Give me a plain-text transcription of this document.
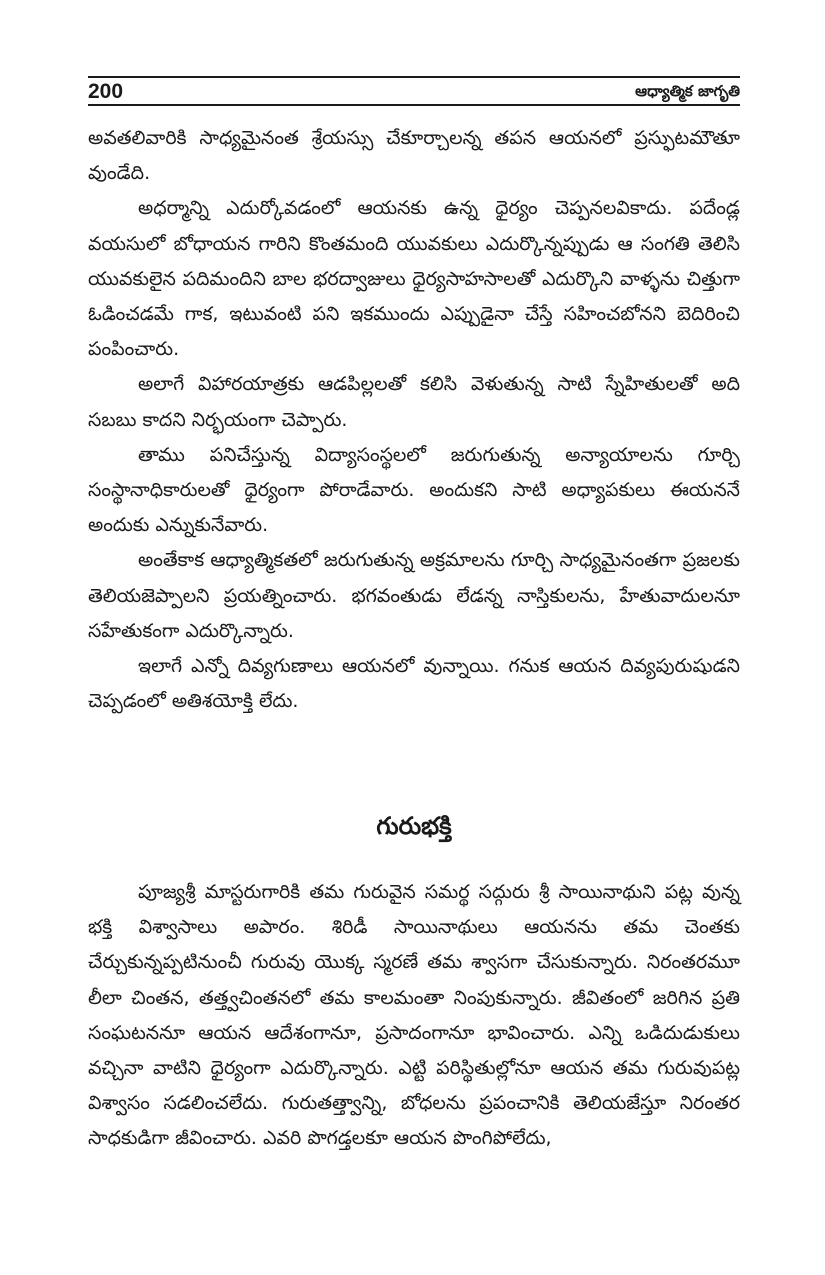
200	ఆధ్యాత్మిక జాగృతి

అవతలివారికి సాధ్యమైనంత శ్రేయస్సు చేకూర్చాలన్న తపన ఆయనలో ప్రస్ఫుటమౌతూ వుండేది.

అధర్మాన్ని ఎదుర్కోవడంలో ఆయనకు ఉన్న ధైర్యం చెప్పనలవికాదు. పదేండ్ల వయసులో బోధాయన గారిని కొంతమంది యువకులు ఎదుర్కొన్నప్పుడు ఆ సంగతి తెలిసి యువకులైన పదిమందిని బాల భరద్వాజులు ధైర్యసాహసాలతో ఎదుర్కొని వాళ్ళను చిత్తుగా ఓడించడమే గాక, ఇటువంటి పని ఇకముందు ఎప్పుడైనా చేస్తే సహించబోనని బెదిరించి పంపించారు.

అలాగే విహారయాత్రకు ఆడపిల్లలతో కలిసి వెళుతున్న సాటి స్నేహితులతో అది సబబు కాదని నిర్భయంగా చెప్పారు.

తాము పనిచేస్తున్న విద్యాసంస్థలలో జరుగుతున్న అన్యాయాలను గూర్చి సంస్థానాధికారులతో ధైర్యంగా పోరాడేవారు. అందుకని సాటి అధ్యాపకులు ఈయననే అందుకు ఎన్నుకునేవారు.

అంతేకాక ఆధ్యాత్మికతలో జరుగుతున్న అక్రమాలను గూర్చి సాధ్యమైనంతగా ప్రజలకు తెలియజెప్పాలని ప్రయత్నించారు. భగవంతుడు లేడన్న నాస్తికులను, హేతువాదులనూ సహేతుకంగా ఎదుర్కొన్నారు.

ఇలాగే ఎన్నో దివ్యగుణాలు ఆయనలో వున్నాయి. గనుక ఆయన దివ్యపురుషుడని చెప్పడంలో అతిశయోక్తి లేదు.

గురుభక్తి

పూజ్యశ్రీ మాస్టరుగారికి తమ గురువైన సమర్థ సద్గురు శ్రీ సాయినాథుని పట్ల వున్న భక్తి విశ్వాసాలు అపారం. శిరిడీ సాయినాథులు ఆయనను తమ చెంతకు చేర్చుకున్నప్పటినుంచీ గురువు యొక్క స్మరణే తమ శ్వాసగా చేసుకున్నారు. నిరంతరమూ లీలా చింతన, తత్త్వచింతనలో తమ కాలమంతా నింపుకున్నారు. జీవితంలో జరిగిన ప్రతి సంఘటననూ ఆయన ఆదేశంగానూ, ప్రసాదంగానూ భావించారు. ఎన్ని ఒడిదుడుకులు వచ్చినా వాటిని ధైర్యంగా ఎదుర్కొన్నారు. ఎట్టి పరిస్థితుల్లోనూ ఆయన తమ గురువుపట్ల విశ్వాసం సడలించలేదు. గురుతత్త్వాన్ని, బోధలను ప్రపంచానికి తెలియజేస్తూ నిరంతర సాధకుడిగా జీవించారు. ఎవరి పొగడ్తలకూ ఆయన పొంగిపోలేదు,
